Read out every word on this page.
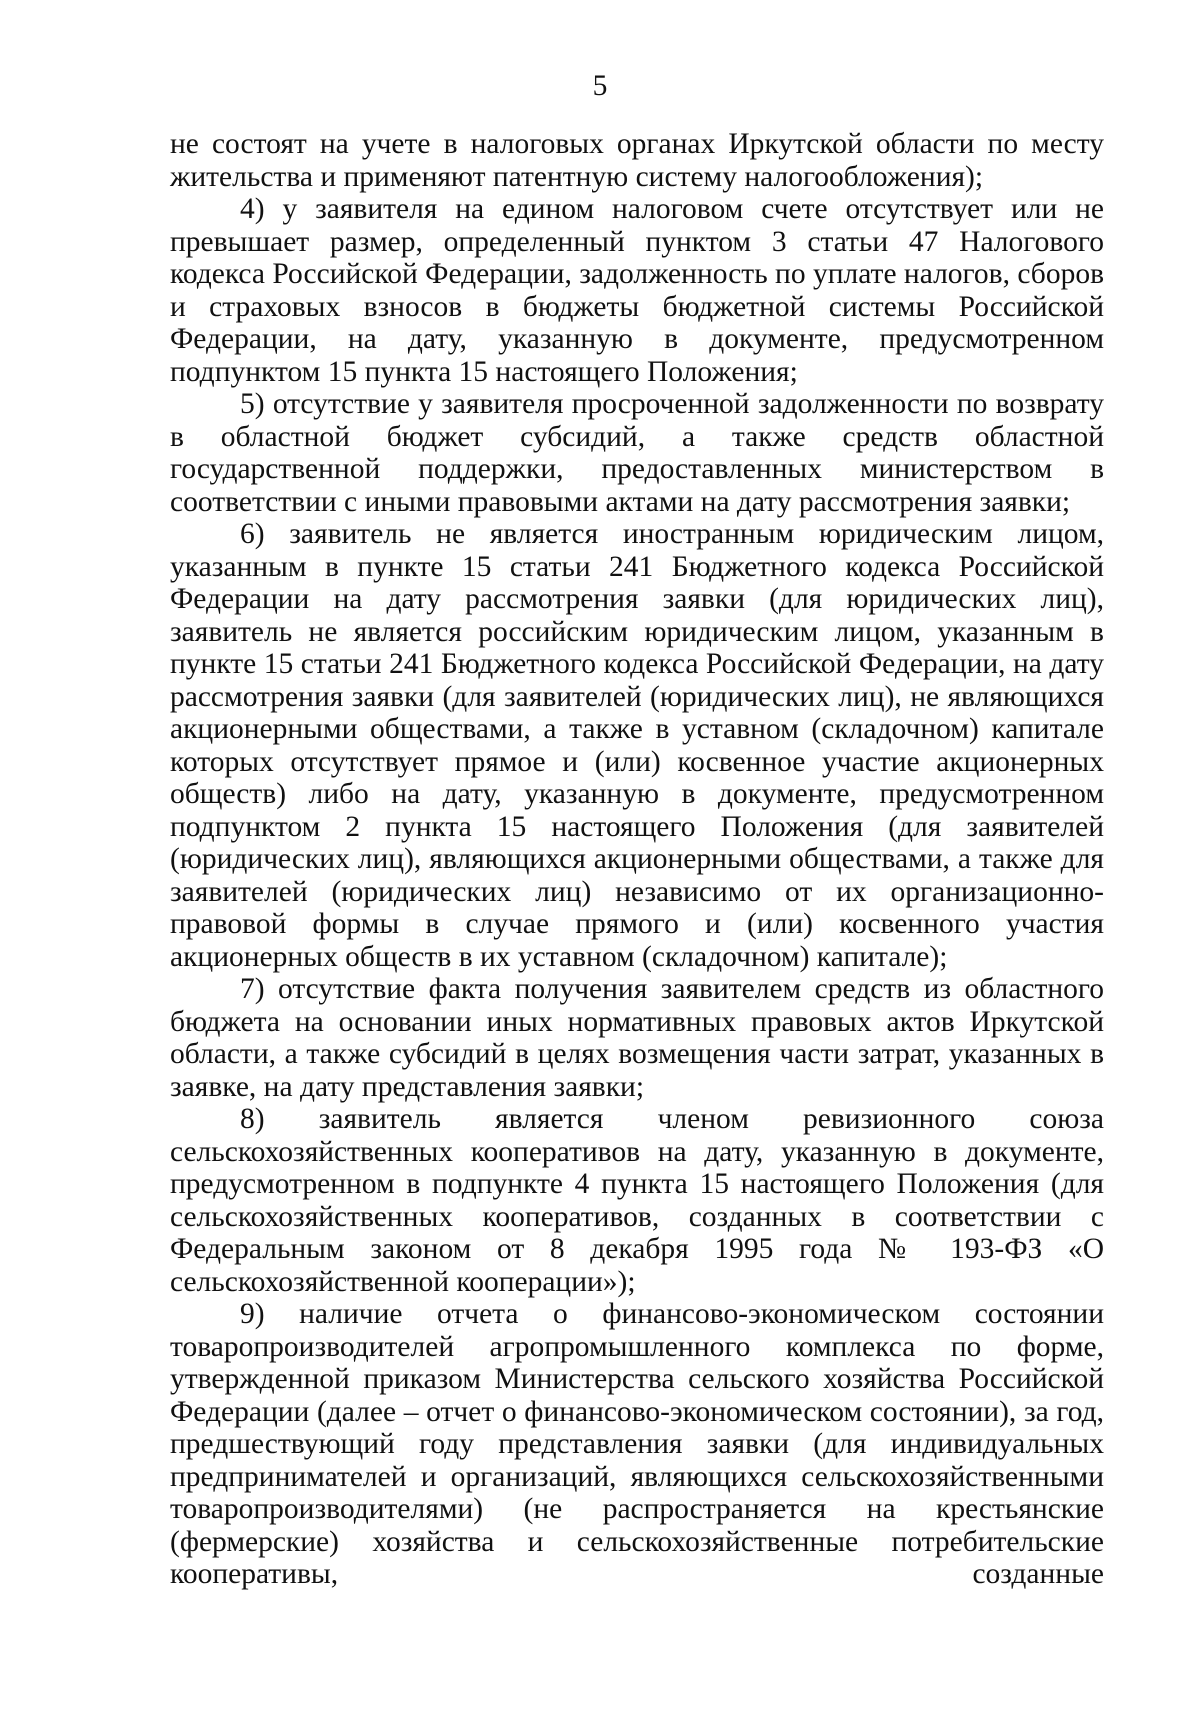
5

не состоят на учете в налоговых органах Иркутской области по месту жительства и применяют патентную систему налогообложения);

4) у заявителя на едином налоговом счете отсутствует или не превышает размер, определенный пунктом 3 статьи 47 Налогового кодекса Российской Федерации, задолженность по уплате налогов, сборов и страховых взносов в бюджеты бюджетной системы Российской Федерации, на дату, указанную в документе, предусмотренном подпунктом 15 пункта 15 настоящего Положения;

5) отсутствие у заявителя просроченной задолженности по возврату в областной бюджет субсидий, а также средств областной государственной поддержки, предоставленных министерством в соответствии с иными правовыми актами на дату рассмотрения заявки;

6) заявитель не является иностранным юридическим лицом, указанным в пункте 15 статьи 241 Бюджетного кодекса Российской Федерации на дату рассмотрения заявки (для юридических лиц), заявитель не является российским юридическим лицом, указанным в пункте 15 статьи 241 Бюджетного кодекса Российской Федерации, на дату рассмотрения заявки (для заявителей (юридических лиц), не являющихся акционерными обществами, а также в уставном (складочном) капитале которых отсутствует прямое и (или) косвенное участие акционерных обществ) либо на дату, указанную в документе, предусмотренном подпунктом 2 пункта 15 настоящего Положения (для заявителей (юридических лиц), являющихся акционерными обществами, а также для заявителей (юридических лиц) независимо от их организационно-правовой формы в случае прямого и (или) косвенного участия акционерных обществ в их уставном (складочном) капитале);

7) отсутствие факта получения заявителем средств из областного бюджета на основании иных нормативных правовых актов Иркутской области, а также субсидий в целях возмещения части затрат, указанных в заявке, на дату представления заявки;

8) заявитель является членом ревизионного союза сельскохозяйственных кооперативов на дату, указанную в документе, предусмотренном в подпункте 4 пункта 15 настоящего Положения (для сельскохозяйственных кооперативов, созданных в соответствии с Федеральным законом от 8 декабря 1995 года № 193-ФЗ «О сельскохозяйственной кооперации»);

9) наличие отчета о финансово-экономическом состоянии товаропроизводителей агропромышленного комплекса по форме, утвержденной приказом Министерства сельского хозяйства Российской Федерации (далее – отчет о финансово-экономическом состоянии), за год, предшествующий году представления заявки (для индивидуальных предпринимателей и организаций, являющихся сельскохозяйственными товаропроизводителями) (не распространяется на крестьянские (фермерские) хозяйства и сельскохозяйственные потребительские кооперативы, созданные
